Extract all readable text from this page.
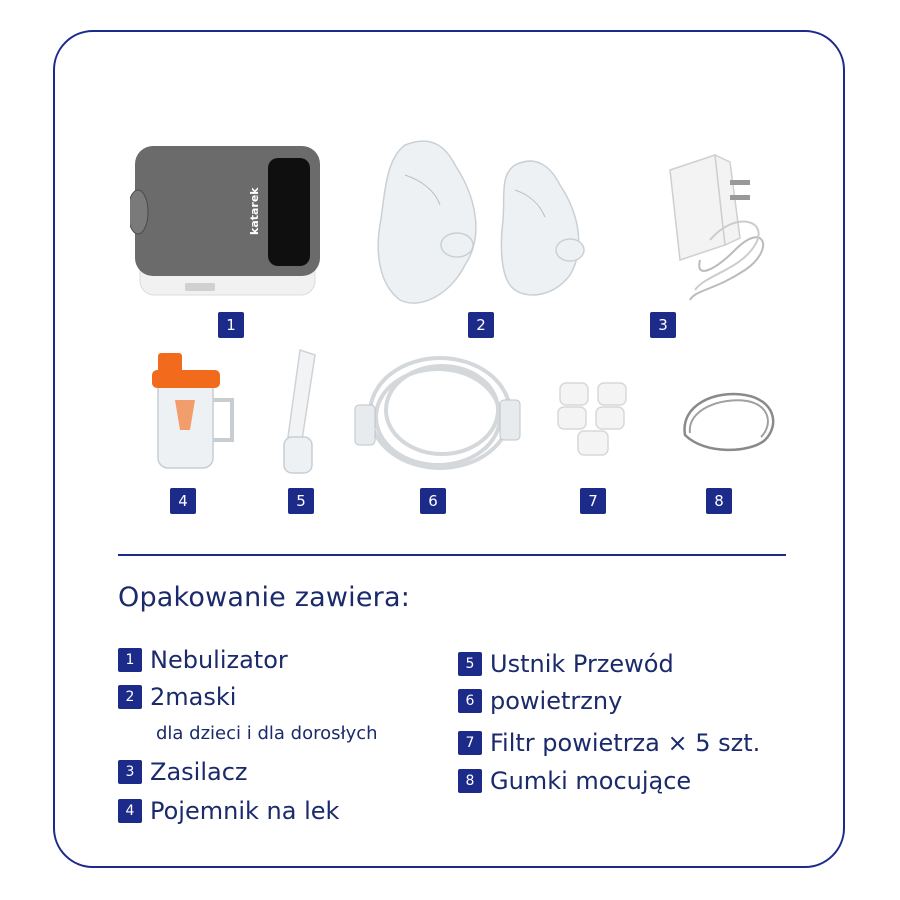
katarek
1	2	3
4	5	6	7	8
Opakowanie zawiera:
1 Nebulizator
2 2maski
dla dzieci i dla dorosłych
3 Zasilacz
4 Pojemnik na lek
5 Ustnik Przewód
6 powietrzny
7 Filtr powietrza × 5 szt.
8 Gumki mocujące
